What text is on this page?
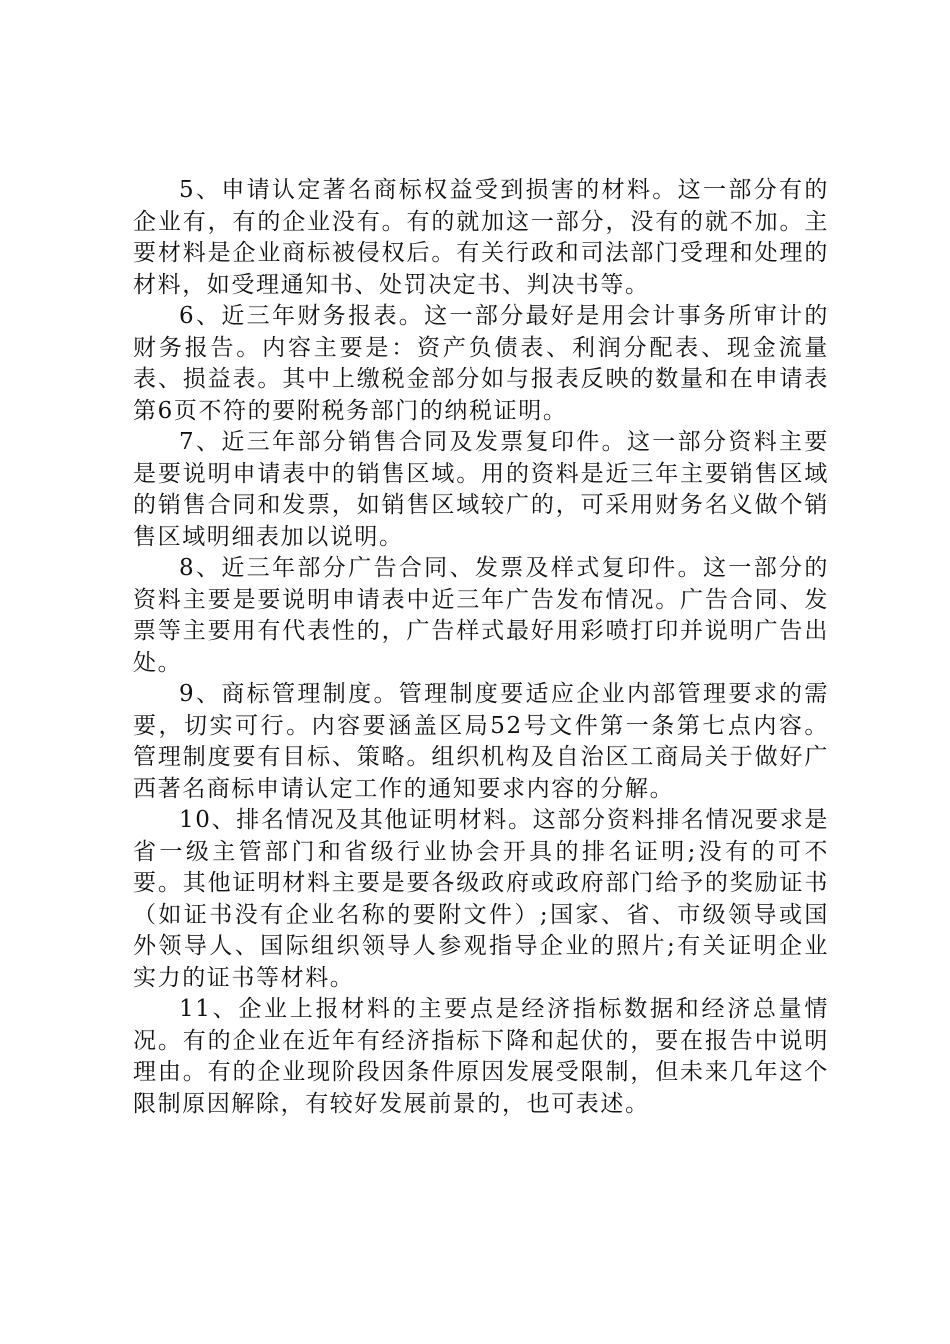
5、申请认定著名商标权益受到损害的材料。这一部分有的企业有，有的企业没有。有的就加这一部分，没有的就不加。主要材料是企业商标被侵权后。有关行政和司法部门受理和处理的材料，如受理通知书、处罚决定书、判决书等。

6、近三年财务报表。这一部分最好是用会计事务所审计的财务报告。内容主要是：资产负债表、利润分配表、现金流量表、损益表。其中上缴税金部分如与报表反映的数量和在申请表第6页不符的要附税务部门的纳税证明。

7、近三年部分销售合同及发票复印件。这一部分资料主要是要说明申请表中的销售区域。用的资料是近三年主要销售区域的销售合同和发票，如销售区域较广的，可采用财务名义做个销售区域明细表加以说明。

8、近三年部分广告合同、发票及样式复印件。这一部分的资料主要是要说明申请表中近三年广告发布情况。广告合同、发票等主要用有代表性的，广告样式最好用彩喷打印并说明广告出处。

9、商标管理制度。管理制度要适应企业内部管理要求的需要，切实可行。内容要涵盖区局52号文件第一条第七点内容。管理制度要有目标、策略。组织机构及自治区工商局关于做好广西著名商标申请认定工作的通知要求内容的分解。

10、排名情况及其他证明材料。这部分资料排名情况要求是省一级主管部门和省级行业协会开具的排名证明;没有的可不要。其他证明材料主要是要各级政府或政府部门给予的奖励证书（如证书没有企业名称的要附文件）;国家、省、市级领导或国外领导人、国际组织领导人参观指导企业的照片;有关证明企业实力的证书等材料。

11、企业上报材料的主要点是经济指标数据和经济总量情况。有的企业在近年有经济指标下降和起伏的，要在报告中说明理由。有的企业现阶段因条件原因发展受限制，但未来几年这个限制原因解除，有较好发展前景的，也可表述。
